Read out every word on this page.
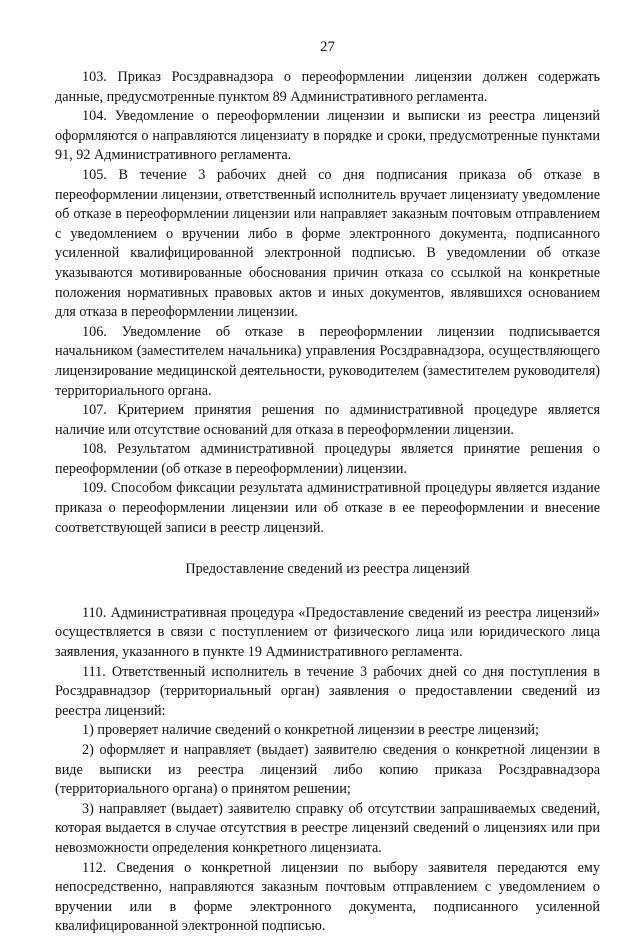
27

103. Приказ Росздравнадзора о переоформлении лицензии должен содержать данные, предусмотренные пунктом 89 Административного регламента.

104. Уведомление о переоформлении лицензии и выписки из реестра лицензий оформляются о направляются лицензиату в порядке и сроки, предусмотренные пунктами 91, 92 Административного регламента.

105. В течение 3 рабочих дней со дня подписания приказа об отказе в переоформлении лицензии, ответственный исполнитель вручает лицензиату уведомление об отказе в переоформлении лицензии или направляет заказным почтовым отправлением с уведомлением о вручении либо в форме электронного документа, подписанного усиленной квалифицированной электронной подписью. В уведомлении об отказе указываются мотивированные обоснования причин отказа со ссылкой на конкретные положения нормативных правовых актов и иных документов, являвшихся основанием для отказа в переоформлении лицензии.

106. Уведомление об отказе в переоформлении лицензии подписывается начальником (заместителем начальника) управления Росздравнадзора, осуществляющего лицензирование медицинской деятельности, руководителем (заместителем руководителя) территориального органа.

107. Критерием принятия решения по административной процедуре является наличие или отсутствие оснований для отказа в переоформлении лицензии.

108. Результатом административной процедуры является принятие решения о переоформлении (об отказе в переоформлении) лицензии.

109. Способом фиксации результата административной процедуры является издание приказа о переоформлении лицензии или об отказе в ее переоформлении и внесение соответствующей записи в реестр лицензий.

Предоставление сведений из реестра лицензий

110. Административная процедура «Предоставление сведений из реестра лицензий» осуществляется в связи с поступлением от физического лица или юридического лица заявления, указанного в пункте 19 Административного регламента.

111. Ответственный исполнитель в течение 3 рабочих дней со дня поступления в Росздравнадзор (территориальный орган) заявления о предоставлении сведений из реестра лицензий:

1) проверяет наличие сведений о конкретной лицензии в реестре лицензий;

2) оформляет и направляет (выдает) заявителю сведения о конкретной лицензии в виде выписки из реестра лицензий либо копию приказа Росздравнадзора (территориального органа) о принятом решении;

3) направляет (выдает) заявителю справку об отсутствии запрашиваемых сведений, которая выдается в случае отсутствия в реестре лицензий сведений о лицензиях или при невозможности определения конкретного лицензиата.

112. Сведения о конкретной лицензии по выбору заявителя передаются ему непосредственно, направляются заказным почтовым отправлением с уведомлением о вручении или в форме электронного документа, подписанного усиленной квалифицированной электронной подписью.
